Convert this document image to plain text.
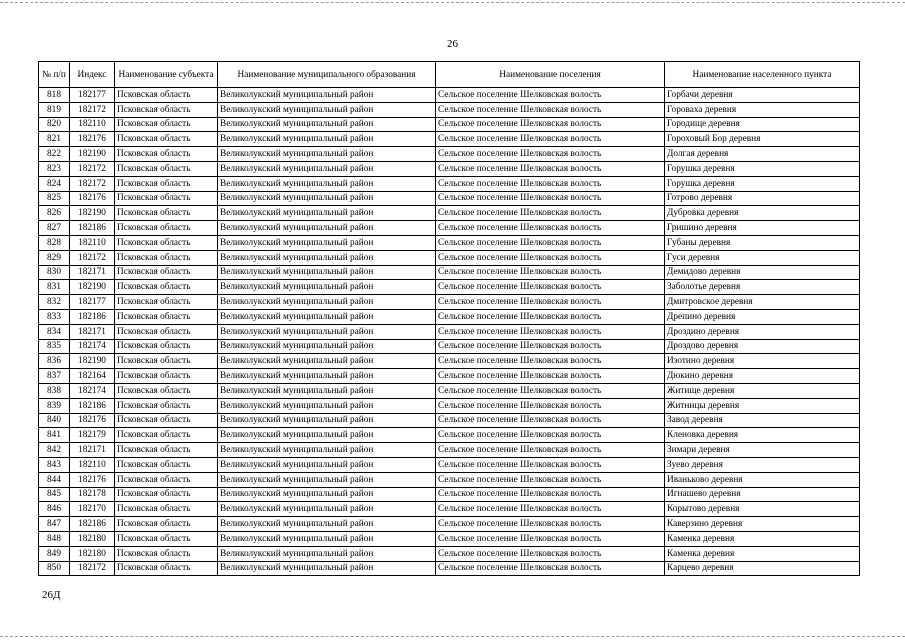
26
№ п/п	Индекс	Наименование субъекта	Наименование муниципального образования	Наименование поселения	Наименование населенного пункта
818	182177	Псковская область	Великолукский муниципальный район	Сельское поселение Шелковская волость	Горбачи деревня
819	182172	Псковская область	Великолукский муниципальный район	Сельское поселение Шелковская волость	Гороваха деревня
820	182110	Псковская область	Великолукский муниципальный район	Сельское поселение Шелковская волость	Городище деревня
821	182176	Псковская область	Великолукский муниципальный район	Сельское поселение Шелковская волость	Гороховый Бор деревня
822	182190	Псковская область	Великолукский муниципальный район	Сельское поселение Шелковская волость	Долгая деревня
823	182172	Псковская область	Великолукский муниципальный район	Сельское поселение Шелковская волость	Горушка деревня
824	182172	Псковская область	Великолукский муниципальный район	Сельское поселение Шелковская волость	Горушка деревня
825	182176	Псковская область	Великолукский муниципальный район	Сельское поселение Шелковская волость	Готрово деревня
826	182190	Псковская область	Великолукский муниципальный район	Сельское поселение Шелковская волость	Дубровка деревня
827	182186	Псковская область	Великолукский муниципальный район	Сельское поселение Шелковская волость	Гришино деревня
828	182110	Псковская область	Великолукский муниципальный район	Сельское поселение Шелковская волость	Губаны деревня
829	182172	Псковская область	Великолукский муниципальный район	Сельское поселение Шелковская волость	Гуси деревня
830	182171	Псковская область	Великолукский муниципальный район	Сельское поселение Шелковская волость	Демидово деревня
831	182190	Псковская область	Великолукский муниципальный район	Сельское поселение Шелковская волость	Заболотье деревня
832	182177	Псковская область	Великолукский муниципальный район	Сельское поселение Шелковская волость	Дмитровское деревня
833	182186	Псковская область	Великолукский муниципальный район	Сельское поселение Шелковская волость	Дрепино деревня
834	182171	Псковская область	Великолукский муниципальный район	Сельское поселение Шелковская волость	Дроздино деревня
835	182174	Псковская область	Великолукский муниципальный район	Сельское поселение Шелковская волость	Дроздово деревня
836	182190	Псковская область	Великолукский муниципальный район	Сельское поселение Шелковская волость	Изотино деревня
837	182164	Псковская область	Великолукский муниципальный район	Сельское поселение Шелковская волость	Дюкино деревня
838	182174	Псковская область	Великолукский муниципальный район	Сельское поселение Шелковская волость	Житище деревня
839	182186	Псковская область	Великолукский муниципальный район	Сельское поселение Шелковская волость	Житницы деревня
840	182176	Псковская область	Великолукский муниципальный район	Сельское поселение Шелковская волость	Завод деревня
841	182179	Псковская область	Великолукский муниципальный район	Сельское поселение Шелковская волость	Кленовка деревня
842	182171	Псковская область	Великолукский муниципальный район	Сельское поселение Шелковская волость	Зимари деревня
843	182110	Псковская область	Великолукский муниципальный район	Сельское поселение Шелковская волость	Зуево деревня
844	182176	Псковская область	Великолукский муниципальный район	Сельское поселение Шелковская волость	Иваньково деревня
845	182178	Псковская область	Великолукский муниципальный район	Сельское поселение Шелковская волость	Игнашево деревня
846	182170	Псковская область	Великолукский муниципальный район	Сельское поселение Шелковская волость	Корытово деревня
847	182186	Псковская область	Великолукский муниципальный район	Сельское поселение Шелковская волость	Каверзино деревня
848	182180	Псковская область	Великолукский муниципальный район	Сельское поселение Шелковская волость	Каменка деревня
849	182180	Псковская область	Великолукский муниципальный район	Сельское поселение Шелковская волость	Каменка деревня
850	182172	Псковская область	Великолукский муниципальный район	Сельское поселение Шелковская волость	Карцево деревня
26Д
